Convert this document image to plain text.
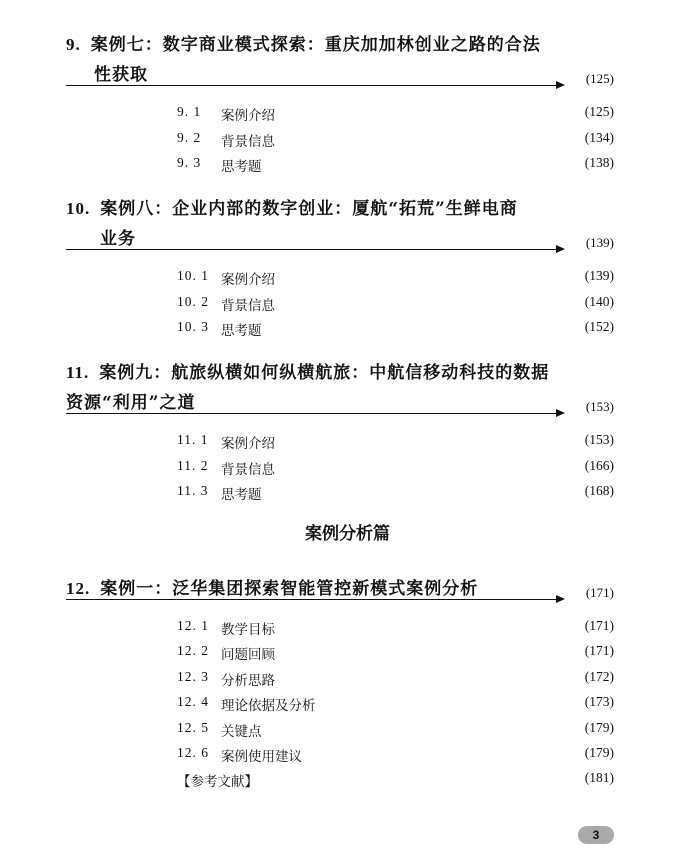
9. 案例七：数字商业模式探索：重庆加加林创业之路的合法
性获取	(125)
9. 1 案例介绍	(125)
9. 2 背景信息	(134)
9. 3 思考题	(138)
10. 案例八：企业内部的数字创业：厦航“拓荒”生鲜电商
业务	(139)
10. 1 案例介绍	(139)
10. 2 背景信息	(140)
10. 3 思考题	(152)
11. 案例九：航旅纵横如何纵横航旅：中航信移动科技的数据
资源“利用”之道	(153)
11. 1 案例介绍	(153)
11. 2 背景信息	(166)
11. 3 思考题	(168)
案例分析篇
12. 案例一：泛华集团探索智能管控新模式案例分析	(171)
12. 1 教学目标	(171)
12. 2 问题回顾	(171)
12. 3 分析思路	(172)
12. 4 理论依据及分析	(173)
12. 5 关键点	(179)
12. 6 案例使用建议	(179)
【参考文献】	(181)
3
